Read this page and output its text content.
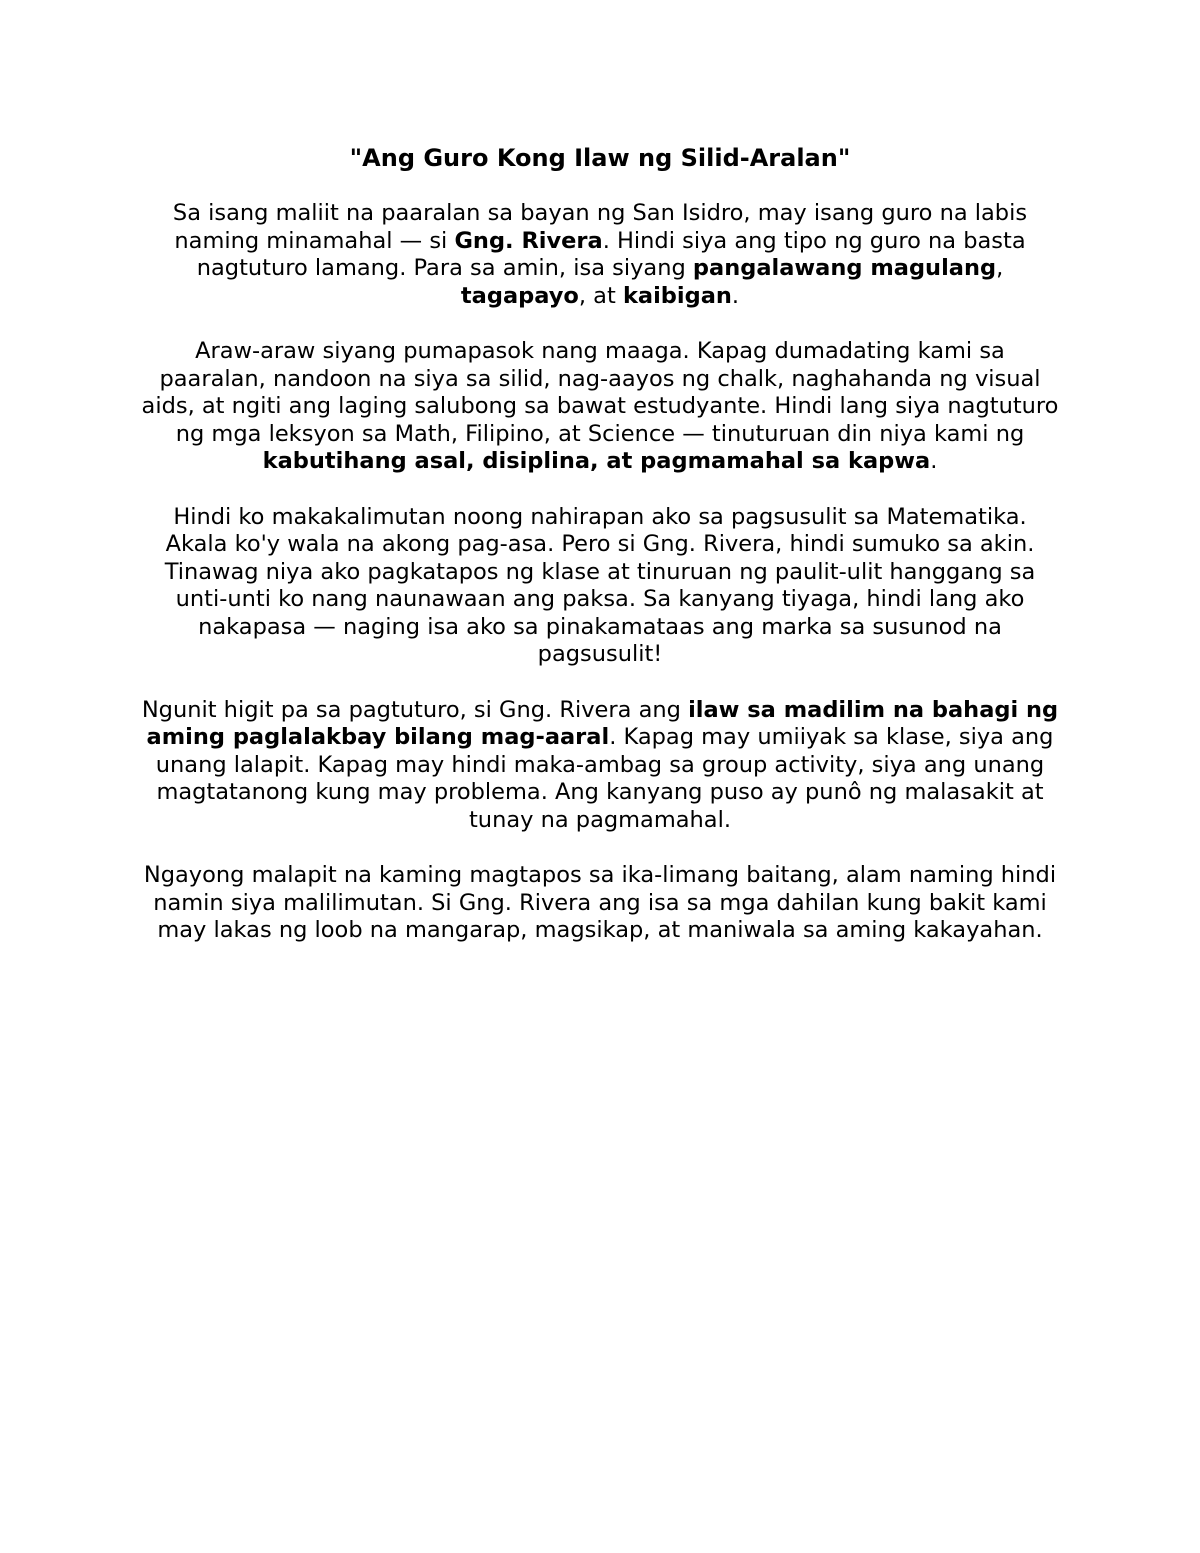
"Ang Guro Kong Ilaw ng Silid-Aralan"
Sa isang maliit na paaralan sa bayan ng San Isidro, may isang guro na labis naming minamahal — si Gng. Rivera. Hindi siya ang tipo ng guro na basta nagtuturo lamang. Para sa amin, isa siyang pangalawang magulang, tagapayo, at kaibigan.
Araw-araw siyang pumapasok nang maaga. Kapag dumadating kami sa paaralan, nandoon na siya sa silid, nag-aayos ng chalk, naghahanda ng visual aids, at ngiti ang laging salubong sa bawat estudyante. Hindi lang siya nagtuturo ng mga leksyon sa Math, Filipino, at Science — tinuturuan din niya kami ng kabutihang asal, disiplina, at pagmamahal sa kapwa.
Hindi ko makakalimutan noong nahirapan ako sa pagsusulit sa Matematika. Akala ko'y wala na akong pag-asa. Pero si Gng. Rivera, hindi sumuko sa akin. Tinawag niya ako pagkatapos ng klase at tinuruan ng paulit-ulit hanggang sa unti-unti ko nang naunawaan ang paksa. Sa kanyang tiyaga, hindi lang ako nakapasa — naging isa ako sa pinakamataas ang marka sa susunod na pagsusulit!
Ngunit higit pa sa pagtuturo, si Gng. Rivera ang ilaw sa madilim na bahagi ng aming paglalakbay bilang mag-aaral. Kapag may umiiyak sa klase, siya ang unang lalapit. Kapag may hindi maka-ambag sa group activity, siya ang unang magtatanong kung may problema. Ang kanyang puso ay punô ng malasakit at tunay na pagmamahal.
Ngayong malapit na kaming magtapos sa ika-limang baitang, alam naming hindi namin siya malilimutan. Si Gng. Rivera ang isa sa mga dahilan kung bakit kami may lakas ng loob na mangarap, magsikap, at maniwala sa aming kakayahan.
